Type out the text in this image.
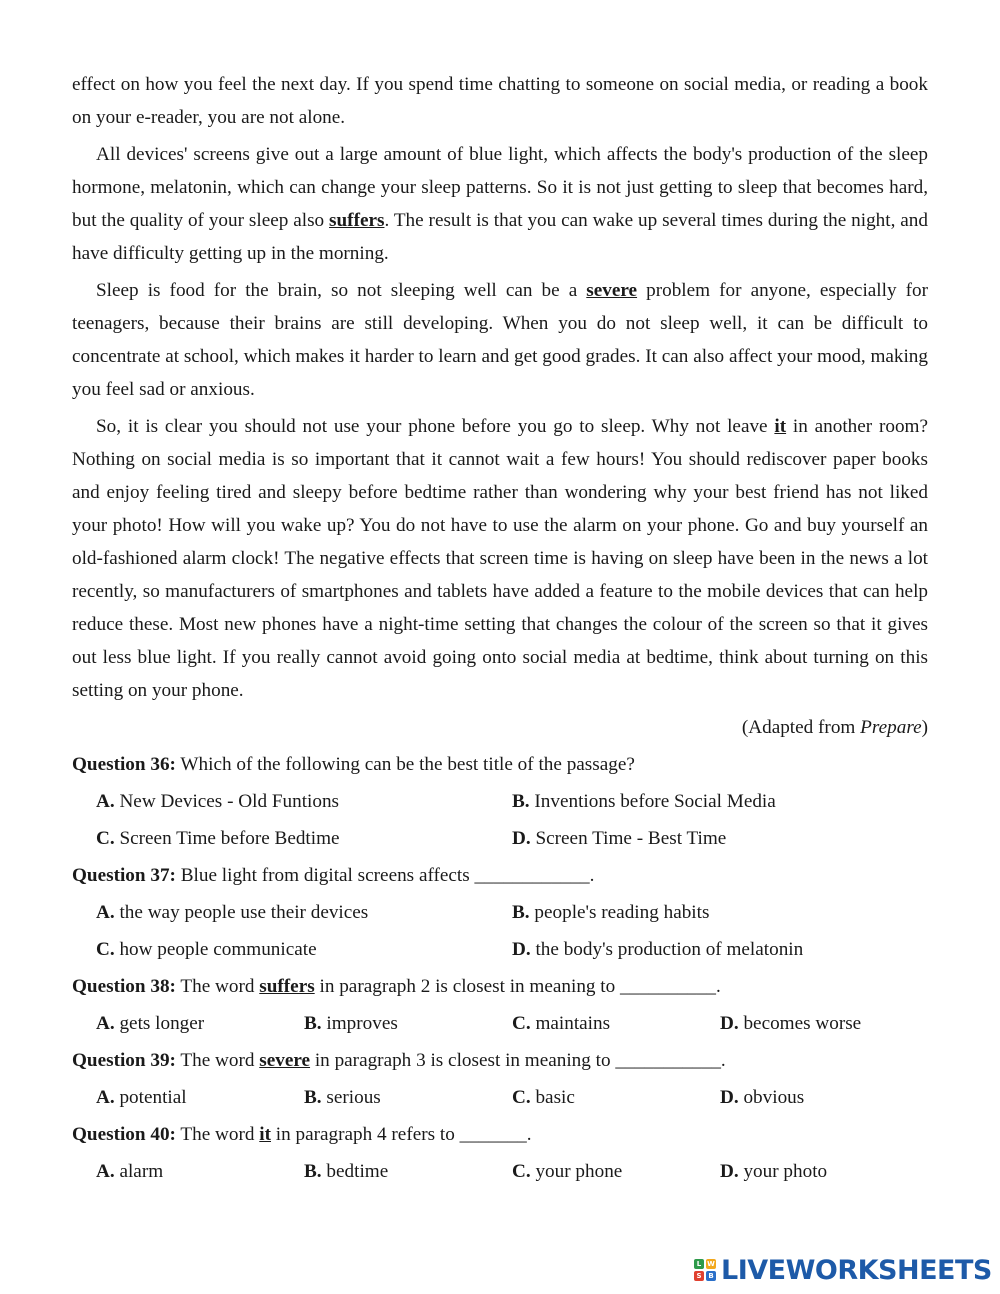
effect on how you feel the next day. If you spend time chatting to someone on social media, or reading a book on your e-reader, you are not alone.

All devices' screens give out a large amount of blue light, which affects the body's production of the sleep hormone, melatonin, which can change your sleep patterns. So it is not just getting to sleep that becomes hard, but the quality of your sleep also suffers. The result is that you can wake up several times during the night, and have difficulty getting up in the morning.

Sleep is food for the brain, so not sleeping well can be a severe problem for anyone, especially for teenagers, because their brains are still developing. When you do not sleep well, it can be difficult to concentrate at school, which makes it harder to learn and get good grades. It can also affect your mood, making you feel sad or anxious.

So, it is clear you should not use your phone before you go to sleep. Why not leave it in another room? Nothing on social media is so important that it cannot wait a few hours! You should rediscover paper books and enjoy feeling tired and sleepy before bedtime rather than wondering why your best friend has not liked your photo! How will you wake up? You do not have to use the alarm on your phone. Go and buy yourself an old-fashioned alarm clock! The negative effects that screen time is having on sleep have been in the news a lot recently, so manufacturers of smartphones and tablets have added a feature to the mobile devices that can help reduce these. Most new phones have a night-time setting that changes the colour of the screen so that it gives out less blue light. If you really cannot avoid going onto social media at bedtime, think about turning on this setting on your phone.

(Adapted from Prepare)
Question 36: Which of the following can be the best title of the passage?
A. New Devices - Old Funtions	B. Inventions before Social Media
C. Screen Time before Bedtime	D. Screen Time - Best Time
Question 37: Blue light from digital screens affects ____________.
A. the way people use their devices	B. people's reading habits
C. how people communicate	D. the body's production of melatonin
Question 38: The word suffers in paragraph 2 is closest in meaning to __________.
A. gets longer	B. improves	C. maintains	D. becomes worse
Question 39: The word severe in paragraph 3 is closest in meaning to ___________.
A. potential	B. serious	C. basic	D. obvious
Question 40: The word it in paragraph 4 refers to _______.
A. alarm	B. bedtime	C. your phone	D. your photo
L W
S B LIVEWORKSHEETS
